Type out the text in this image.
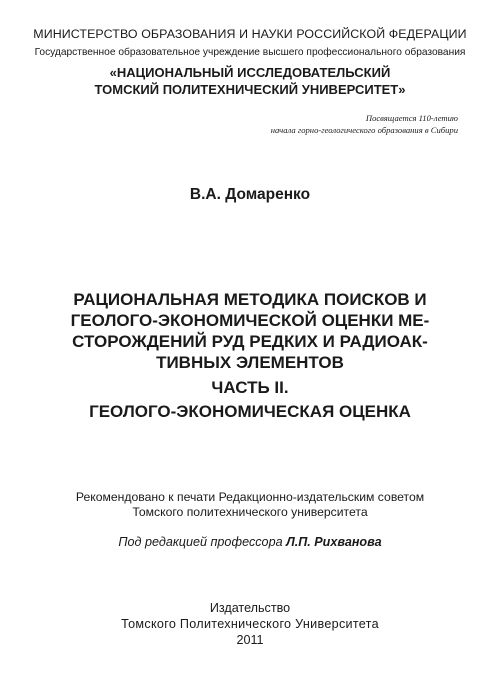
МИНИСТЕРСТВО ОБРАЗОВАНИЯ И НАУКИ РОССИЙСКОЙ ФЕДЕРАЦИИ
Государственное образовательное учреждение высшего профессионального образования
«НАЦИОНАЛЬНЫЙ ИССЛЕДОВАТЕЛЬСКИЙ
ТОМСКИЙ ПОЛИТЕХНИЧЕСКИЙ УНИВЕРСИТЕТ»
Посвящается 110-летию
начала горно-геологического образования в Сибири
В.А. Домаренко
РАЦИОНАЛЬНАЯ МЕТОДИКА ПОИСКОВ И
ГЕОЛОГО-ЭКОНОМИЧЕСКОЙ ОЦЕНКИ МЕ-
СТОРОЖДЕНИЙ РУД РЕДКИХ И РАДИОАК-
ТИВНЫХ ЭЛЕМЕНТОВ
ЧАСТЬ II.
ГЕОЛОГО-ЭКОНОМИЧЕСКАЯ ОЦЕНКА
Рекомендовано к печати Редакционно-издательским советом
Томского политехнического университета
Под редакцией профессора Л.П. Рихванова
Издательство
Томского Политехнического Университета
2011
